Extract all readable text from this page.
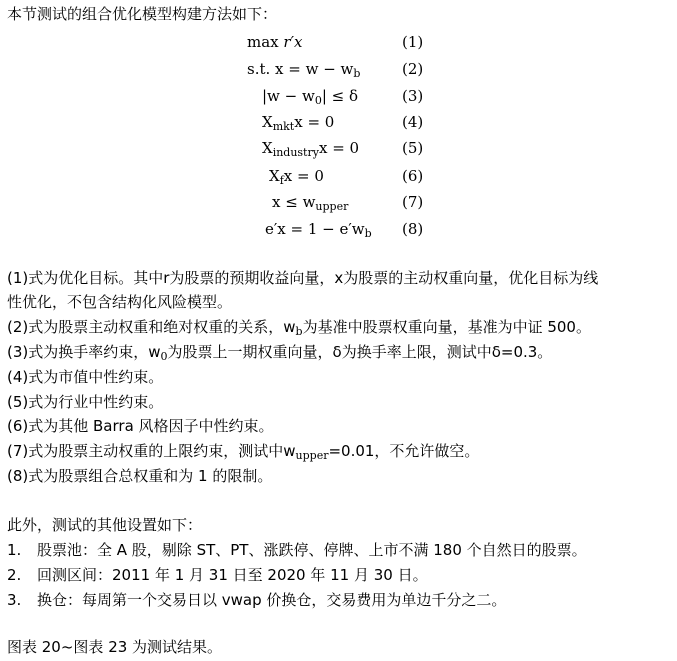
本节测试的组合优化模型构建方法如下：
max r′x	(1)
s.t. $x = w - w_b$	(2)
$|w - w_0| \le \delta$	(3)
$X_{mkt}x = 0$	(4)
$X_{industry}x = 0$	(5)
$X_fx = 0$	(6)
$x \le w_{upper}$	(7)
$e'x = 1 - e'w_b$ (8)
(1)式为优化目标。其中r为股票的预期收益向量，x为股票的主动权重向量，优化目标为线
性优化，不包含结构化风险模型。
(2)式为股票主动权重和绝对权重的关系，$w_b$为基准中股票权重向量，基准为中证 500。
(3)式为换手率约束，$w_0$为股票上一期权重向量，δ为换手率上限，测试中δ=0.3。
(4)式为市值中性约束。
(5)式为行业中性约束。
(6)式为其他 Barra 风格因子中性约束。
(7)式为股票主动权重的上限约束，测试中$w_{upper}=0.01$，不允许做空。
(8)式为股票组合总权重和为 1 的限制。
此外，测试的其他设置如下：
1. 股票池：全 A 股，剔除 ST、PT、涨跌停、停牌、上市不满 180 个自然日的股票。
2. 回测区间：2011 年 1 月 31 日至 2020 年 11 月 30 日。
3. 换仓：每周第一个交易日以 vwap 价换仓，交易费用为单边千分之二。
图表 20~图表 23 为测试结果。
